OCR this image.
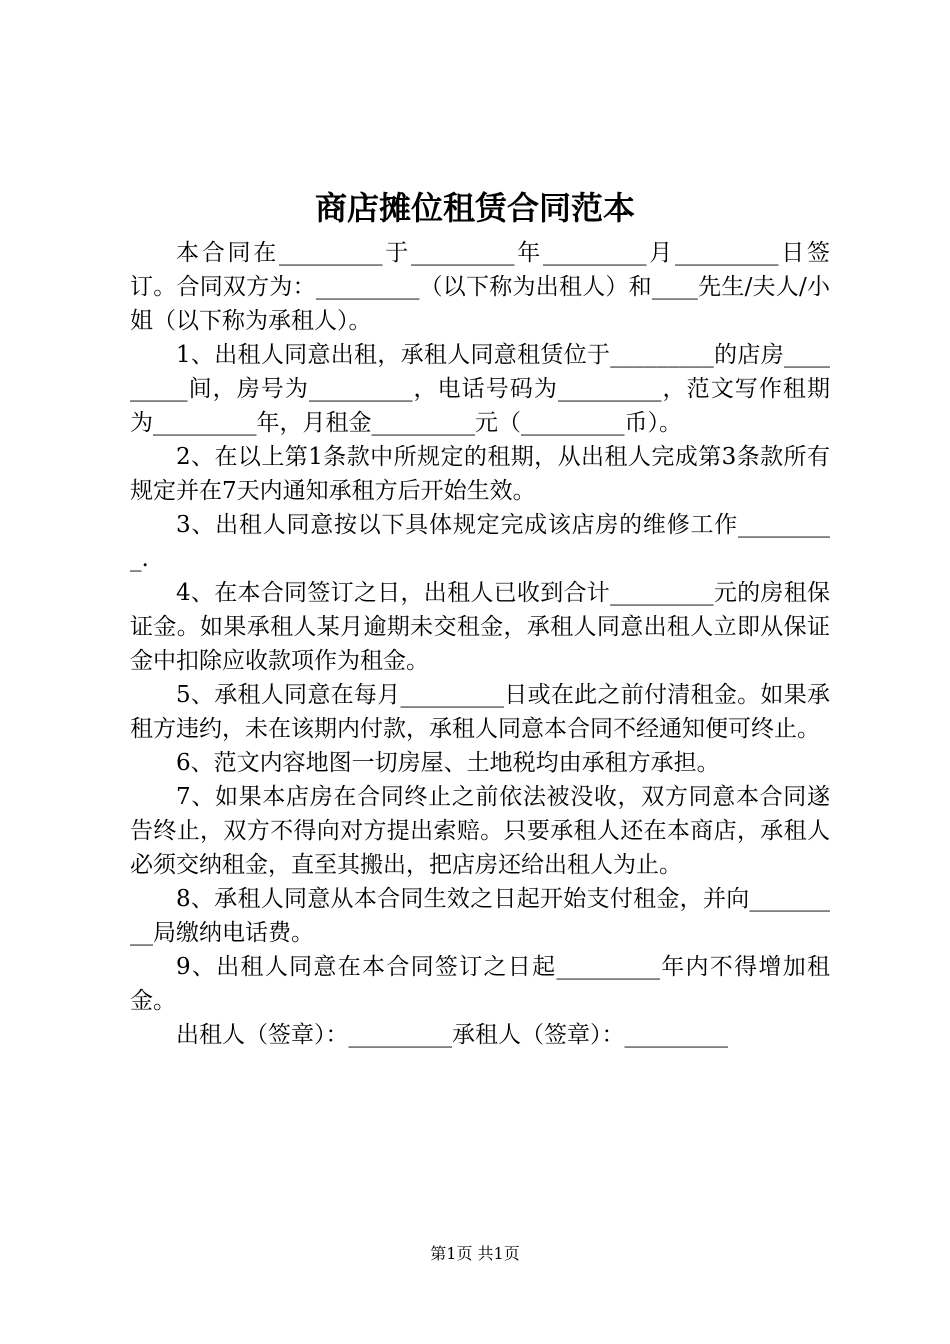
商店摊位租赁合同范本

本合同在_________于_________年_________月_________日签订。合同双方为：_________（以下称为出租人）和____先生/夫人/小姐（以下称为承租人）。

1、出租人同意出租，承租人同意租赁位于_________的店房_________间，房号为_________，电话号码为_________，范文写作租期为_________年，月租金_________元（_________币）。

2、在以上第1条款中所规定的租期，从出租人完成第3条款所有规定并在7天内通知承租方后开始生效。

3、出租人同意按以下具体规定完成该店房的维修工作_________.

4、在本合同签订之日，出租人已收到合计_________元的房租保证金。如果承租人某月逾期未交租金，承租人同意出租人立即从保证金中扣除应收款项作为租金。

5、承租人同意在每月_________日或在此之前付清租金。如果承租方违约，未在该期内付款，承租人同意本合同不经通知便可终止。

6、范文内容地图一切房屋、土地税均由承租方承担。

7、如果本店房在合同终止之前依法被没收，双方同意本合同遂告终止，双方不得向对方提出索赔。只要承租人还在本商店，承租人必须交纳租金，直至其搬出，把店房还给出租人为止。

8、承租人同意从本合同生效之日起开始支付租金，并向_________局缴纳电话费。

9、出租人同意在本合同签订之日起_________年内不得增加租金。

出租人（签章）：_________承租人（签章）：_________

第1页 共1页
